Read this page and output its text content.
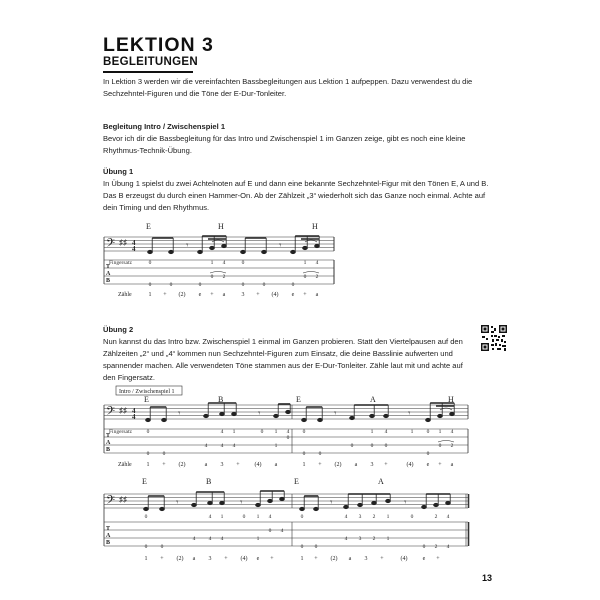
LEKTION 3
BEGLEITUNGEN
In Lektion 3 werden wir die vereinfachten Bassbegleitungen aus Lektion 1 aufpeppen. Dazu verwendest du die Sechzehntel-Figuren und die Töne der E-Dur-Tonleiter.
Begleitung Intro / Zwischenspiel 1
Bevor ich dir die Bassbegleitung für das Intro und Zwischenspiel 1 im Ganzen zeige, gibt es noch eine kleine Rhythmus-Technik-Übung.
Übung 1
In Übung 1 spielst du zwei Achtelnoten auf E und dann eine bekannte Sechzehntel-Figur mit den Tönen E, A und B. Das B erzeugst du durch einen Hammer-On. Ab der Zählzeit „3“ wiederholt sich das Ganze noch einmal. Achte auf dein Timing und den Rhythmus.
𝄢 ♯♯ 4
4
T
A
B
E	H	H
𝄾	𝄾
Fingersatz	0	1 4	0	1 4
0	0	0
0 2
0	0	0
0 2
Zähle	1 + (2) e + a	3 + (4) e + a
Übung 2
Nun kannst du das Intro bzw. Zwischenspiel 1 einmal im Ganzen probieren. Statt den Viertelpausen auf den Zählzeiten „2“ und „4“ kommen nun Sechzehntel-Figuren zum Einsatz, die deine Basslinie aufwerten und spannender machen. Alle verwendeten Töne stammen aus der E-Dur-Tonleiter. Zähle laut mit und achte auf den Fingersatz.
Intro / Zwischenspiel 1
𝄢 ♯♯ 4
4
T
A
B
E	B	E	A	H
𝄾	𝄾	𝄾	𝄾
Fingersatz	0	4 1	0 1 4 0	1 4	1 0 1 4
0 0
4 4 4	1
0
0 0
0	0 0
0
0 2
Zähle 1 + (2)	a 3 + (4) a	1 + (2) a 3 +	(4) e + a
𝄢 ♯♯
T
A
B
E	B	E	A
𝄾	𝄾	𝄾	𝄾
0	4 1	0 1 4	0	4 3 2 1	0	2 4
0 0
4 4 4	1
0 4
0 0
4 3 2 1
0 2 4
1 + (2) a 3 + (4) e +	1 + (2) a 3 +	(4)	e +
13
